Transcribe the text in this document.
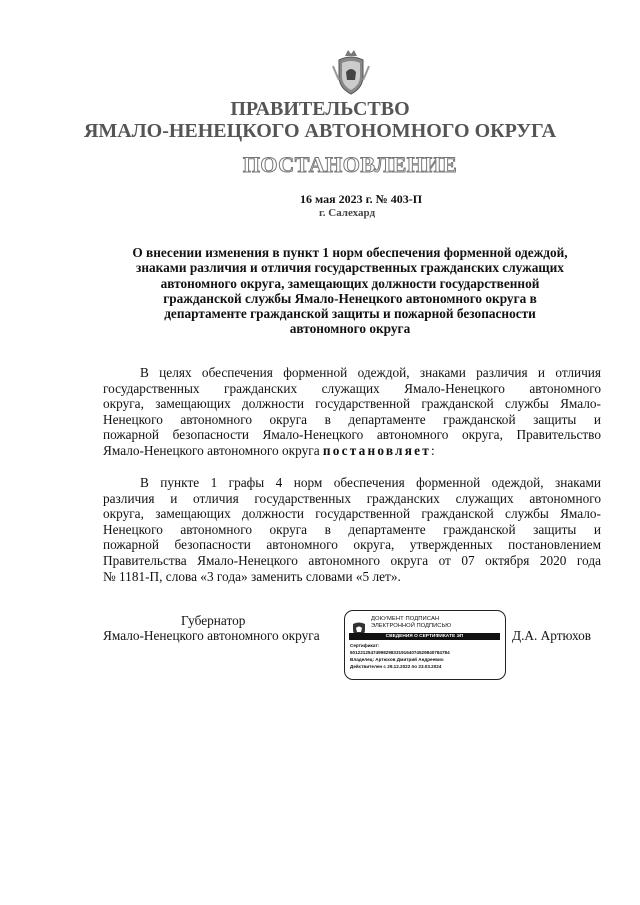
ПРАВИТЕЛЬСТВО
ЯМАЛО-НЕНЕЦКОГО АВТОНОМНОГО ОКРУГА
ПОСТАНОВЛЕНИЕ
16 мая 2023 г. № 403-П
г. Салехард
О внесении изменения в пункт 1 норм обеспечения форменной одеждой,
знаками различия и отличия государственных гражданских служащих
автономного округа, замещающих должности государственной
гражданской службы Ямало-Ненецкого автономного округа в
департаменте гражданской защиты и пожарной безопасности
автономного округа
В целях обеспечения форменной одеждой, знаками различия и отличия
государственных гражданских служащих Ямало-Ненецкого автономного
округа, замещающих должности государственной гражданской службы Ямало-
Ненецкого автономного округа в департаменте гражданской защиты и
пожарной безопасности Ямало-Ненецкого автономного округа, Правительство
Ямало-Ненецкого автономного округа постановляет:
В пункте 1 графы 4 норм обеспечения форменной одеждой, знаками
различия и отличия государственных гражданских служащих автономного
округа, замещающих должности государственной гражданской службы Ямало-
Ненецкого автономного округа в департаменте гражданской защиты и
пожарной безопасности автономного округа, утвержденных постановлением
Правительства Ямало-Ненецкого автономного округа от 07 октября 2020 года
№ 1181-П, слова «3 года» заменить словами «5 лет».
Губернатор
Ямало-Ненецкого автономного округа	Д.А. Артюхов
ДОКУМЕНТ ПОДПИСАН
ЭЛЕКТРОННОЙ ПОДПИСЬЮ
СВЕДЕНИЯ О СЕРТИФИКАТЕ ЭП
Сертификат:
60122125474998298331916407452984078478​4
Владелец: Артюхов Дмитрий Андреевич
Действителен с 29.12.2022 по 23.03.2024
